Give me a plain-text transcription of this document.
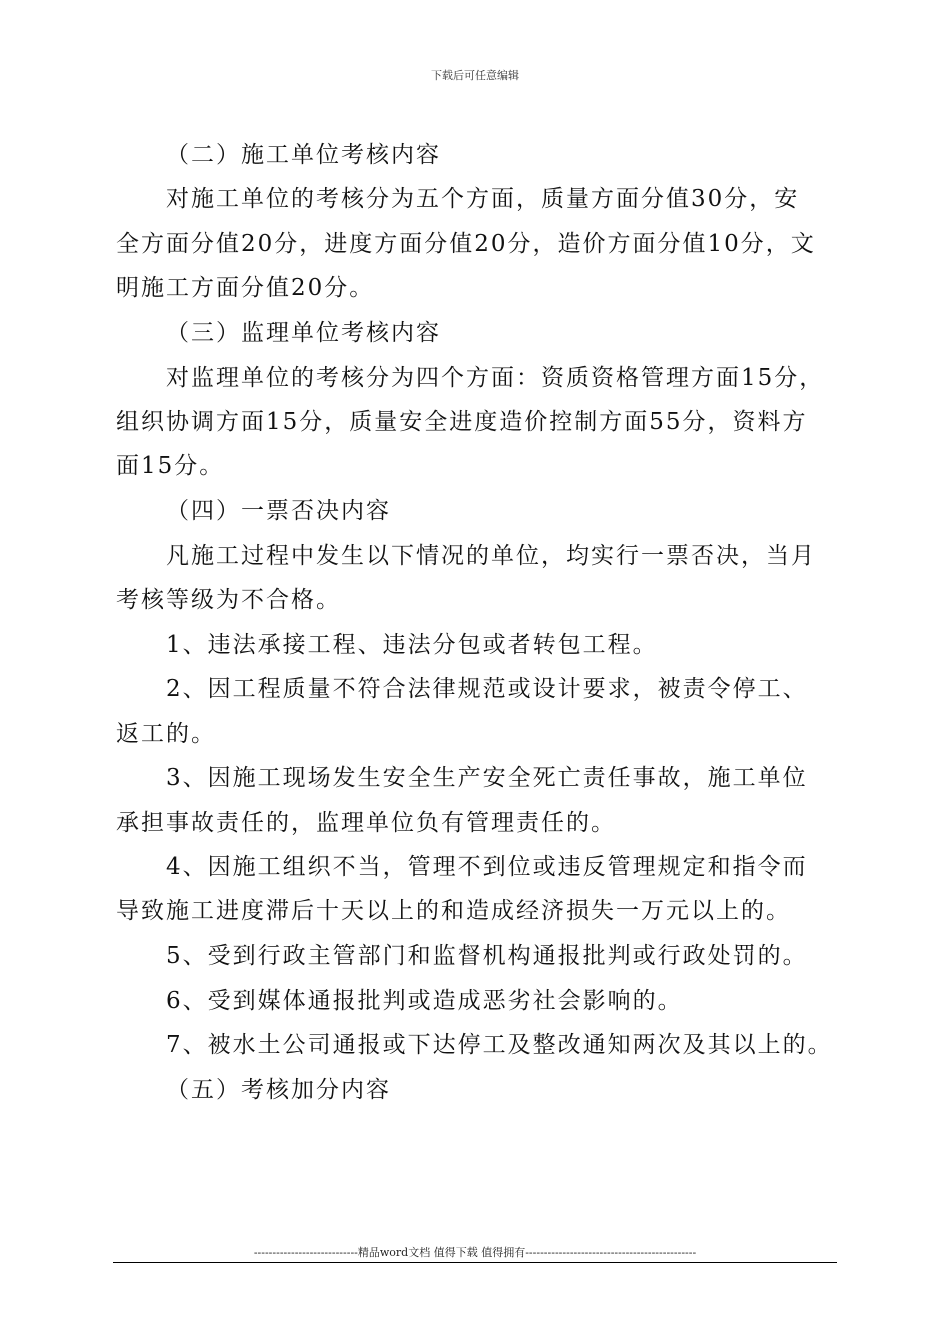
下载后可任意编辑
（二）施工单位考核内容
对施工单位的考核分为五个方面，质量方面分值30分，安
全方面分值20分，进度方面分值20分，造价方面分值10分，文
明施工方面分值20分。
（三）监理单位考核内容
对监理单位的考核分为四个方面：资质资格管理方面15分，
组织协调方面15分，质量安全进度造价控制方面55分，资料方
面15分。
（四）一票否决内容
凡施工过程中发生以下情况的单位，均实行一票否决，当月
考核等级为不合格。
1、违法承接工程、违法分包或者转包工程。
2、因工程质量不符合法律规范或设计要求，被责令停工、
返工的。
3、因施工现场发生安全生产安全死亡责任事故，施工单位
承担事故责任的，监理单位负有管理责任的。
4、因施工组织不当，管理不到位或违反管理规定和指令而
导致施工进度滞后十天以上的和造成经济损失一万元以上的。
5、受到行政主管部门和监督机构通报批判或行政处罚的。
6、受到媒体通报批判或造成恶劣社会影响的。
7、被水土公司通报或下达停工及整改通知两次及其以上的。
（五）考核加分内容
----------------------------精品word文档 值得下载 值得拥有----------------------------------------------
